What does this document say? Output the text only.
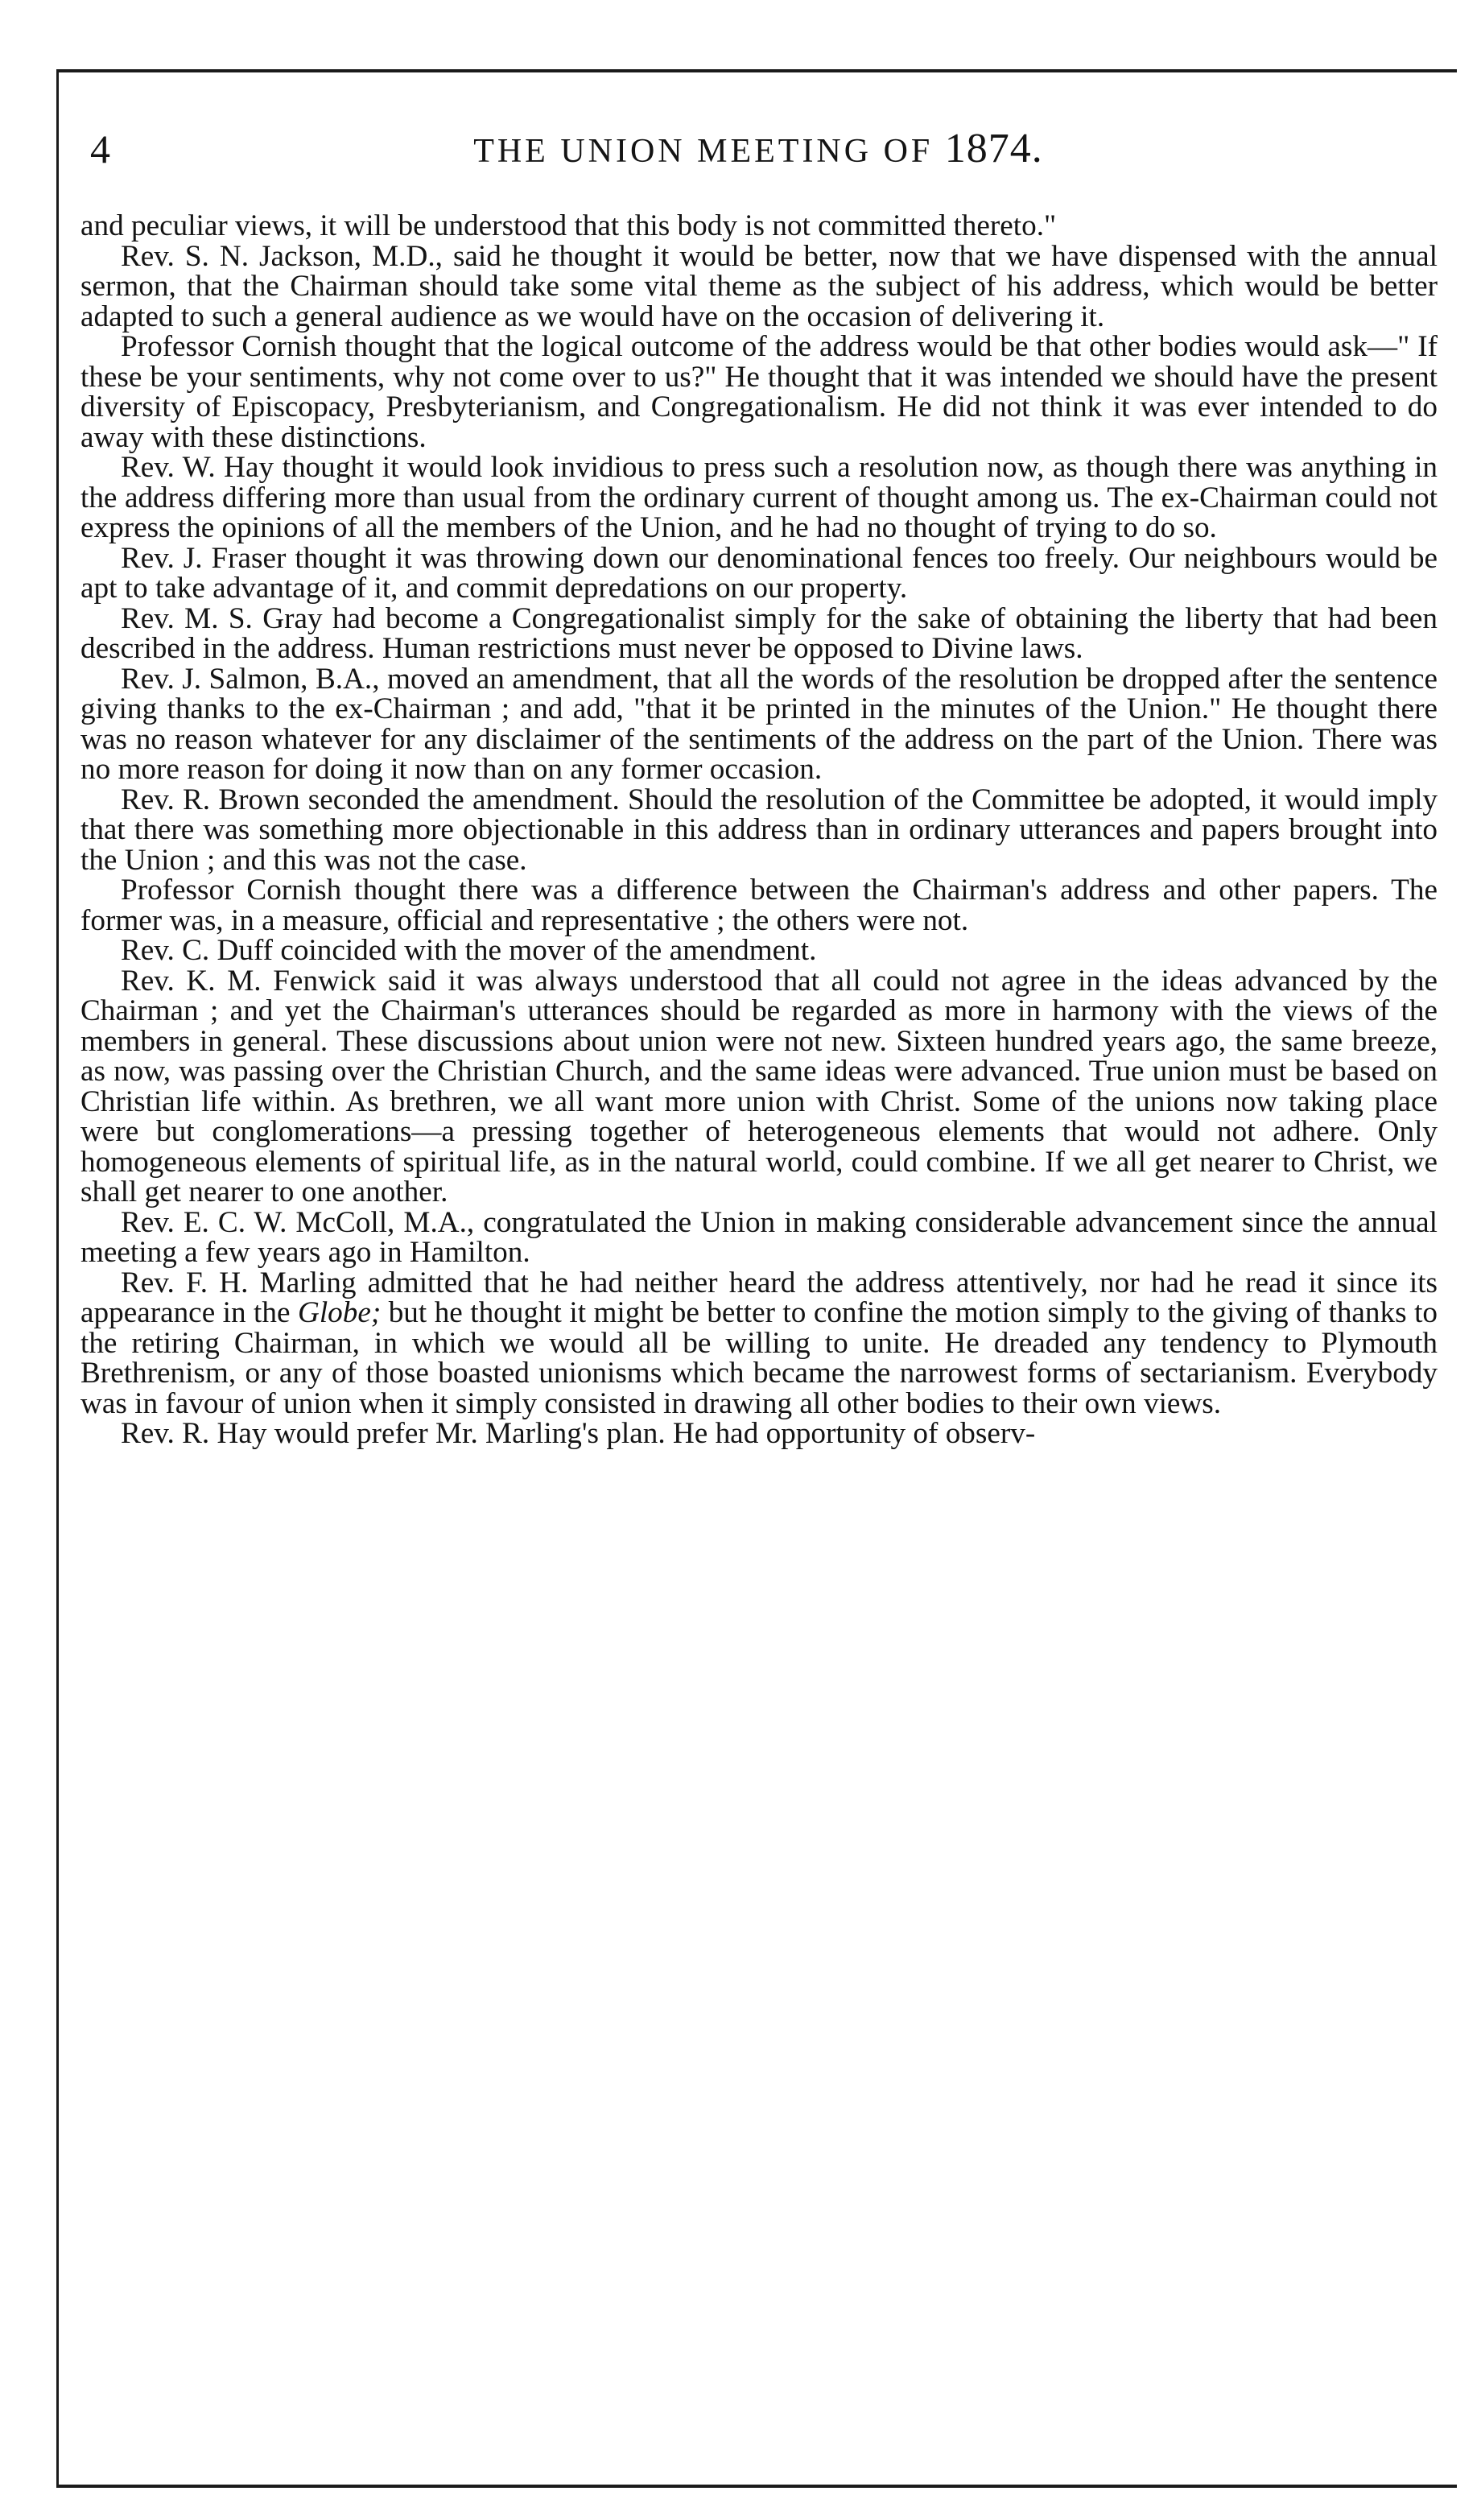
4	THE UNION MEETING OF 1874.

and peculiar views, it will be understood that this body is not committed thereto."

Rev. S. N. Jackson, M.D., said he thought it would be better, now that we have dispensed with the annual sermon, that the Chairman should take some vital theme as the subject of his address, which would be better adapted to such a general audience as we would have on the occasion of delivering it.

Professor Cornish thought that the logical outcome of the address would be that other bodies would ask—" If these be your sentiments, why not come over to us?" He thought that it was intended we should have the present diversity of Episcopacy, Presbyterianism, and Congregationalism. He did not think it was ever intended to do away with these distinctions.

Rev. W. Hay thought it would look invidious to press such a resolution now, as though there was anything in the address differing more than usual from the ordinary current of thought among us. The ex-Chairman could not express the opinions of all the members of the Union, and he had no thought of trying to do so.

Rev. J. Fraser thought it was throwing down our denominational fences too freely. Our neighbours would be apt to take advantage of it, and commit depredations on our property.

Rev. M. S. Gray had become a Congregationalist simply for the sake of obtaining the liberty that had been described in the address. Human restrictions must never be opposed to Divine laws.

Rev. J. Salmon, B.A., moved an amendment, that all the words of the resolution be dropped after the sentence giving thanks to the ex-Chairman ; and add, "that it be printed in the minutes of the Union." He thought there was no reason whatever for any disclaimer of the sentiments of the address on the part of the Union. There was no more reason for doing it now than on any former occasion.

Rev. R. Brown seconded the amendment. Should the resolution of the Committee be adopted, it would imply that there was something more objectionable in this address than in ordinary utterances and papers brought into the Union ; and this was not the case.

Professor Cornish thought there was a difference between the Chairman's address and other papers. The former was, in a measure, official and representative ; the others were not.

Rev. C. Duff coincided with the mover of the amendment.

Rev. K. M. Fenwick said it was always understood that all could not agree in the ideas advanced by the Chairman ; and yet the Chairman's utterances should be regarded as more in harmony with the views of the members in general. These discussions about union were not new. Sixteen hundred years ago, the same breeze, as now, was passing over the Christian Church, and the same ideas were advanced. True union must be based on Christian life within. As brethren, we all want more union with Christ. Some of the unions now taking place were but conglomerations—a pressing together of heterogeneous elements that would not adhere. Only homogeneous elements of spiritual life, as in the natural world, could combine. If we all get nearer to Christ, we shall get nearer to one another.

Rev. E. C. W. McColl, M.A., congratulated the Union in making considerable advancement since the annual meeting a few years ago in Hamilton.

Rev. F. H. Marling admitted that he had neither heard the address attentively, nor had he read it since its appearance in the Globe; but he thought it might be better to confine the motion simply to the giving of thanks to the retiring Chairman, in which we would all be willing to unite. He dreaded any tendency to Plymouth Brethrenism, or any of those boasted unionisms which became the narrowest forms of sectarianism. Everybody was in favour of union when it simply consisted in drawing all other bodies to their own views.

Rev. R. Hay would prefer Mr. Marling's plan. He had opportunity of observ-
